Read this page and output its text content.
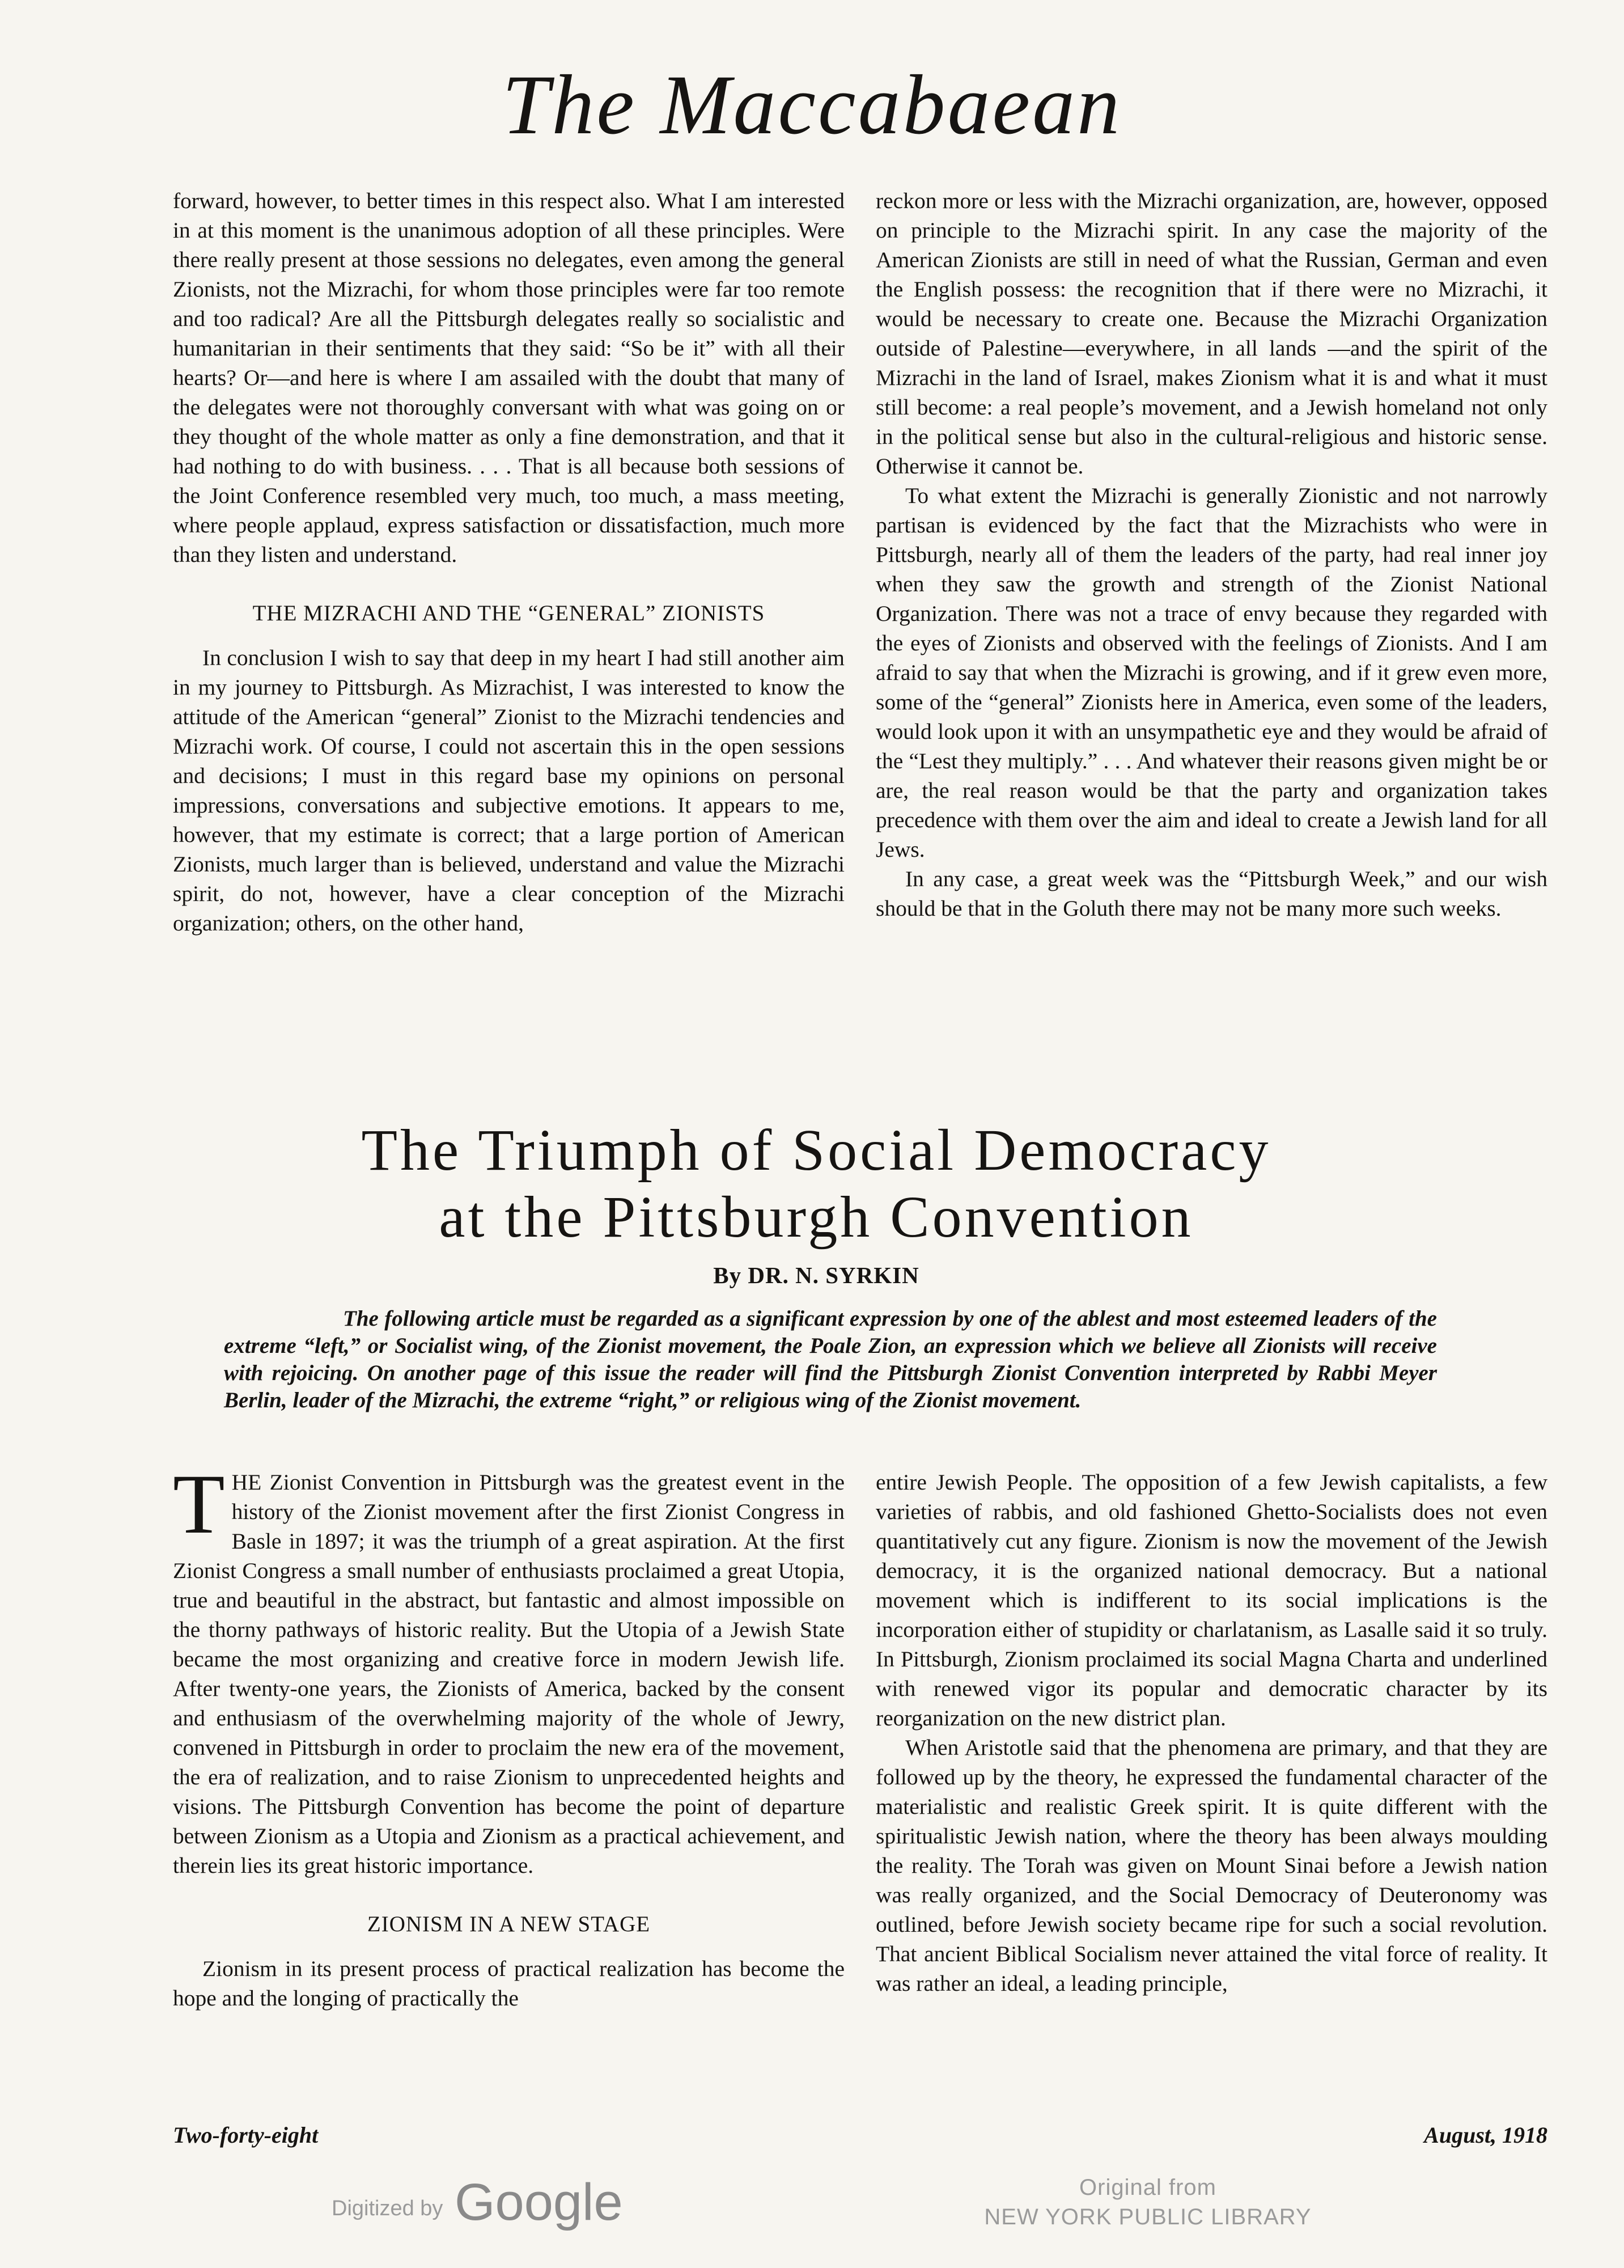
The Maccabaean

forward, however, to better times in this respect also. What I am interested in at this moment is the unanimous adoption of all these principles. Were there really present at those sessions no delegates, even among the general Zionists, not the Mizrachi, for whom those principles were far too remote and too radical? Are all the Pittsburgh delegates really so socialistic and humanitarian in their sentiments that they said: “So be it” with all their hearts? Or—and here is where I am assailed with the doubt that many of the delegates were not thoroughly conversant with what was going on or they thought of the whole matter as only a fine demonstration, and that it had nothing to do with business. . . . That is all because both sessions of the Joint Conference resembled very much, too much, a mass meeting, where people applaud, express satisfaction or dissatisfaction, much more than they listen and understand.

THE MIZRACHI AND THE “GENERAL” ZIONISTS

In conclusion I wish to say that deep in my heart I had still another aim in my journey to Pittsburgh. As Mizrachist, I was interested to know the attitude of the American “general” Zionist to the Mizrachi tendencies and Mizrachi work. Of course, I could not ascertain this in the open sessions and decisions; I must in this regard base my opinions on personal impressions, conversations and subjective emotions. It appears to me, however, that my estimate is correct; that a large portion of American Zionists, much larger than is believed, understand and value the Mizrachi spirit, do not, however, have a clear conception of the Mizrachi organization; others, on the other hand,

reckon more or less with the Mizrachi organization, are, however, opposed on principle to the Mizrachi spirit. In any case the majority of the American Zionists are still in need of what the Russian, German and even the English possess: the recognition that if there were no Mizrachi, it would be necessary to create one. Because the Mizrachi Organization outside of Palestine—everywhere, in all lands —and the spirit of the Mizrachi in the land of Israel, makes Zionism what it is and what it must still become: a real people’s movement, and a Jewish homeland not only in the political sense but also in the cultural-religious and historic sense. Otherwise it cannot be.

To what extent the Mizrachi is generally Zionistic and not narrowly partisan is evidenced by the fact that the Mizrachists who were in Pittsburgh, nearly all of them the leaders of the party, had real inner joy when they saw the growth and strength of the Zionist National Organization. There was not a trace of envy because they regarded with the eyes of Zionists and observed with the feelings of Zionists. And I am afraid to say that when the Mizrachi is growing, and if it grew even more, some of the “general” Zionists here in America, even some of the leaders, would look upon it with an unsympathetic eye and they would be afraid of the “Lest they multiply.” . . . And whatever their reasons given might be or are, the real reason would be that the party and organization takes precedence with them over the aim and ideal to create a Jewish land for all Jews.

In any case, a great week was the “Pittsburgh Week,” and our wish should be that in the Goluth there may not be many more such weeks.

The Triumph of Social Democracy
at the Pittsburgh Convention
By DR. N. SYRKIN
The following article must be regarded as a significant expression by one of the ablest and most esteemed leaders of the extreme “left,” or Socialist wing, of the Zionist movement, the Poale Zion, an expression which we believe all Zionists will receive with rejoicing. On another page of this issue the reader will find the Pittsburgh Zionist Convention interpreted by Rabbi Meyer Berlin, leader of the Mizrachi, the extreme “right,” or religious wing of the Zionist movement.

THE Zionist Convention in Pittsburgh was the greatest event in the history of the Zionist movement after the first Zionist Congress in Basle in 1897; it was the triumph of a great aspiration. At the first Zionist Congress a small number of enthusiasts proclaimed a great Utopia, true and beautiful in the abstract, but fantastic and almost impossible on the thorny pathways of historic reality. But the Utopia of a Jewish State became the most organizing and creative force in modern Jewish life. After twenty-one years, the Zionists of America, backed by the consent and enthusiasm of the overwhelming majority of the whole of Jewry, convened in Pittsburgh in order to proclaim the new era of the movement, the era of realization, and to raise Zionism to unprecedented heights and visions. The Pittsburgh Convention has become the point of departure between Zionism as a Utopia and Zionism as a practical achievement, and therein lies its great historic importance.

ZIONISM IN A NEW STAGE

Zionism in its present process of practical realization has become the hope and the longing of practically the

entire Jewish People. The opposition of a few Jewish capitalists, a few varieties of rabbis, and old fashioned Ghetto-Socialists does not even quantitatively cut any figure. Zionism is now the movement of the Jewish democracy, it is the organized national democracy. But a national movement which is indifferent to its social implications is the incorporation either of stupidity or charlatanism, as Lasalle said it so truly. In Pittsburgh, Zionism proclaimed its social Magna Charta and underlined with renewed vigor its popular and democratic character by its reorganization on the new district plan.

When Aristotle said that the phenomena are primary, and that they are followed up by the theory, he expressed the fundamental character of the materialistic and realistic Greek spirit. It is quite different with the spiritualistic Jewish nation, where the theory has been always moulding the reality. The Torah was given on Mount Sinai before a Jewish nation was really organized, and the Social Democracy of Deuteronomy was outlined, before Jewish society became ripe for such a social revolution. That ancient Biblical Socialism never attained the vital force of reality. It was rather an ideal, a leading principle,

Two-forty-eight	August, 1918
Digitized by Google	Original from
NEW YORK PUBLIC LIBRARY
